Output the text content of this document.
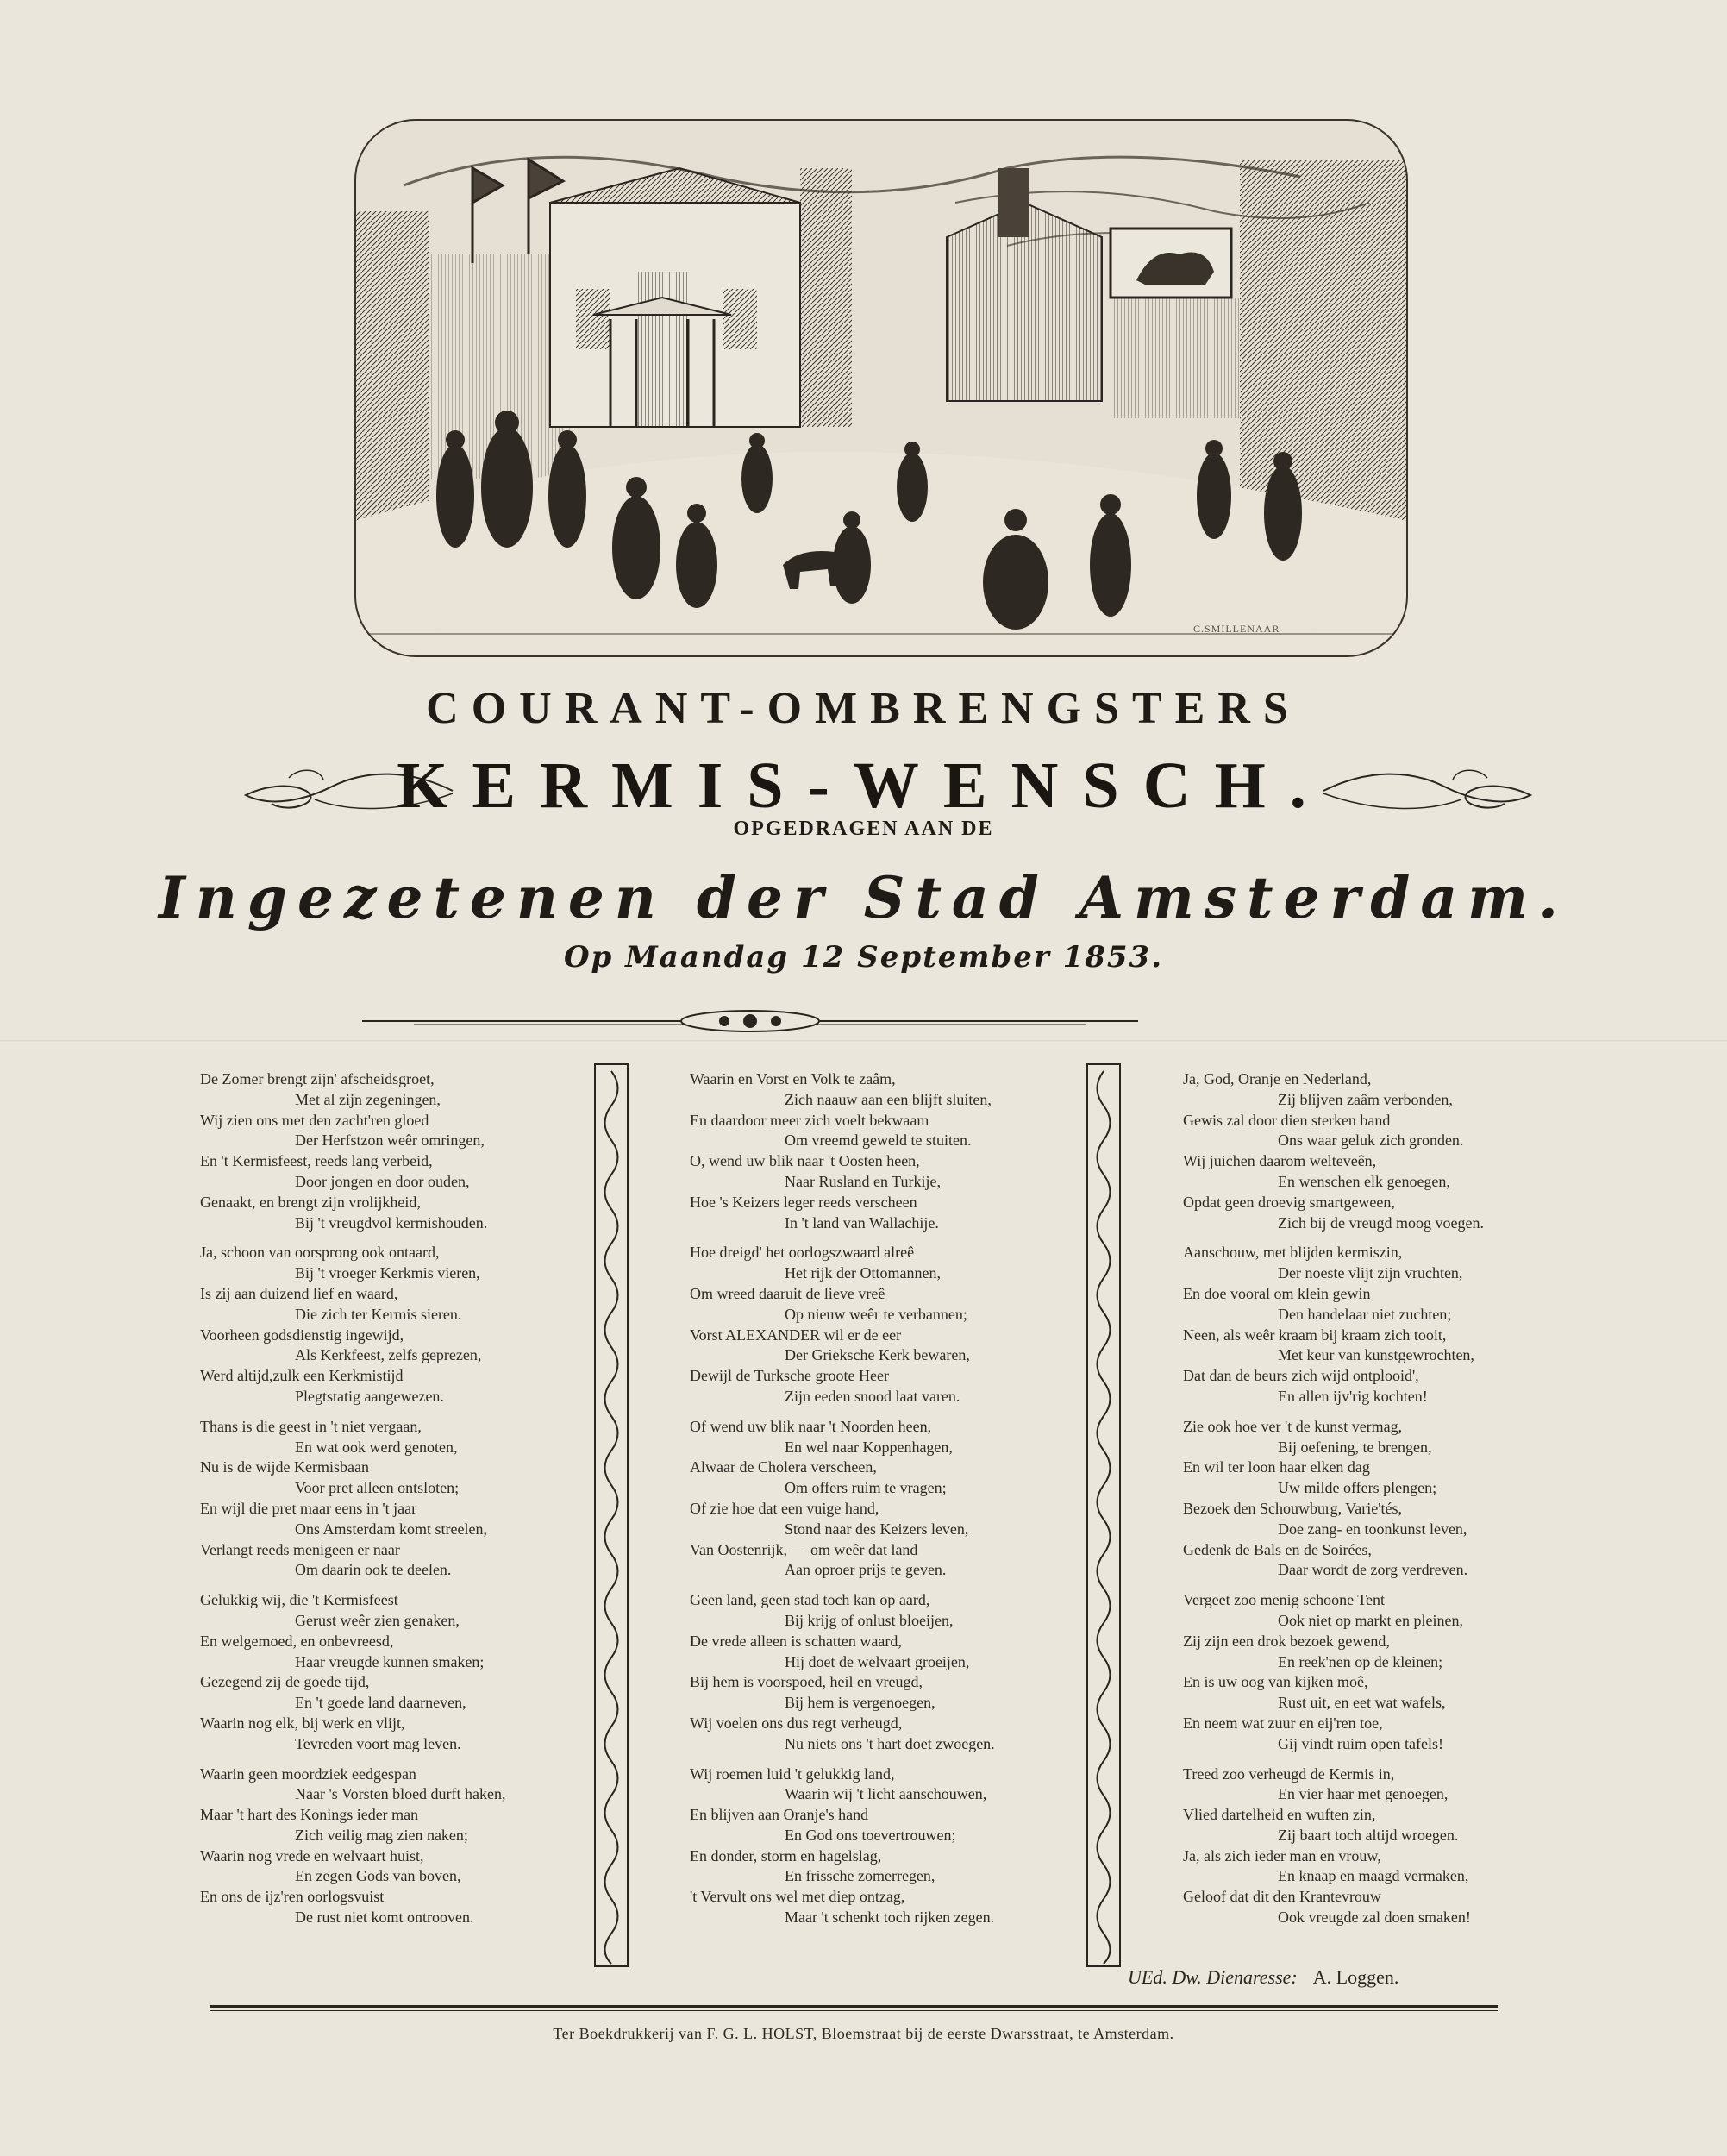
C.SMILLENAAR
COURANT-OMBRENGSTERS
KERMIS-WENSCH.
OPGEDRAGEN AAN DE
Ingezetenen der Stad Amsterdam.
Op Maandag 12 September 1853.
De Zomer brengt zijn' afscheidsgroet,
Met al zijn zegeningen,
Wij zien ons met den zacht'ren gloed
Der Herfstzon weêr omringen,
En 't Kermisfeest, reeds lang verbeid,
Door jongen en door ouden,
Genaakt, en brengt zijn vrolijkheid,
Bij 't vreugdvol kermishouden.
Ja, schoon van oorsprong ook ontaard,
Bij 't vroeger Kerkmis vieren,
Is zij aan duizend lief en waard,
Die zich ter Kermis sieren.
Voorheen godsdienstig ingewijd,
Als Kerkfeest, zelfs geprezen,
Werd altijd,zulk een Kerkmistijd
Plegtstatig aangewezen.
Thans is die geest in 't niet vergaan,
En wat ook werd genoten,
Nu is de wijde Kermisbaan
Voor pret alleen ontsloten;
En wijl die pret maar eens in 't jaar
Ons Amsterdam komt streelen,
Verlangt reeds menigeen er naar
Om daarin ook te deelen.
Gelukkig wij, die 't Kermisfeest
Gerust weêr zien genaken,
En welgemoed, en onbevreesd,
Haar vreugde kunnen smaken;
Gezegend zij de goede tijd,
En 't goede land daarneven,
Waarin nog elk, bij werk en vlijt,
Tevreden voort mag leven.
Waarin geen moordziek eedgespan
Naar 's Vorsten bloed durft haken,
Maar 't hart des Konings ieder man
Zich veilig mag zien naken;
Waarin nog vrede en welvaart huist,
En zegen Gods van boven,
En ons de ijz'ren oorlogsvuist
De rust niet komt ontrooven.
Waarin en Vorst en Volk te zaâm,
Zich naauw aan een blijft sluiten,
En daardoor meer zich voelt bekwaam
Om vreemd geweld te stuiten.
O, wend uw blik naar 't Oosten heen,
Naar Rusland en Turkije,
Hoe 's Keizers leger reeds verscheen
In 't land van Wallachije.
Hoe dreigd' het oorlogszwaard alreê
Het rijk der Ottomannen,
Om wreed daaruit de lieve vreê
Op nieuw weêr te verbannen;
Vorst ALEXANDER wil er de eer
Der Grieksche Kerk bewaren,
Dewijl de Turksche groote Heer
Zijn eeden snood laat varen.
Of wend uw blik naar 't Noorden heen,
En wel naar Koppenhagen,
Alwaar de Cholera verscheen,
Om offers ruim te vragen;
Of zie hoe dat een vuige hand,
Stond naar des Keizers leven,
Van Oostenrijk, — om weêr dat land
Aan oproer prijs te geven.
Geen land, geen stad toch kan op aard,
Bij krijg of onlust bloeijen,
De vrede alleen is schatten waard,
Hij doet de welvaart groeijen,
Bij hem is voorspoed, heil en vreugd,
Bij hem is vergenoegen,
Wij voelen ons dus regt verheugd,
Nu niets ons 't hart doet zwoegen.
Wij roemen luid 't gelukkig land,
Waarin wij 't licht aanschouwen,
En blijven aan Oranje's hand
En God ons toevertrouwen;
En donder, storm en hagelslag,
En frissche zomerregen,
't Vervult ons wel met diep ontzag,
Maar 't schenkt toch rijken zegen.
Ja, God, Oranje en Nederland,
Zij blijven zaâm verbonden,
Gewis zal door dien sterken band
Ons waar geluk zich gronden.
Wij juichen daarom welteveên,
En wenschen elk genoegen,
Opdat geen droevig smartgeween,
Zich bij de vreugd moog voegen.
Aanschouw, met blijden kermiszin,
Der noeste vlijt zijn vruchten,
En doe vooral om klein gewin
Den handelaar niet zuchten;
Neen, als weêr kraam bij kraam zich tooit,
Met keur van kunstgewrochten,
Dat dan de beurs zich wijd ontplooid',
En allen ijv'rig kochten!
Zie ook hoe ver 't de kunst vermag,
Bij oefening, te brengen,
En wil ter loon haar elken dag
Uw milde offers plengen;
Bezoek den Schouwburg, Varie'tés,
Doe zang- en toonkunst leven,
Gedenk de Bals en de Soirées,
Daar wordt de zorg verdreven.
Vergeet zoo menig schoone Tent
Ook niet op markt en pleinen,
Zij zijn een drok bezoek gewend,
En reek'nen op de kleinen;
En is uw oog van kijken moê,
Rust uit, en eet wat wafels,
En neem wat zuur en eij'ren toe,
Gij vindt ruim open tafels!
Treed zoo verheugd de Kermis in,
En vier haar met genoegen,
Vlied dartelheid en wuften zin,
Zij baart toch altijd wroegen.
Ja, als zich ieder man en vrouw,
En knaap en maagd vermaken,
Geloof dat dit den Krantevrouw
Ook vreugde zal doen smaken!
UEd. Dw. Dienaresse: A. Loggen.
Ter Boekdrukkerij van F. G. L. HOLST, Bloemstraat bij de eerste Dwarsstraat, te Amsterdam.
